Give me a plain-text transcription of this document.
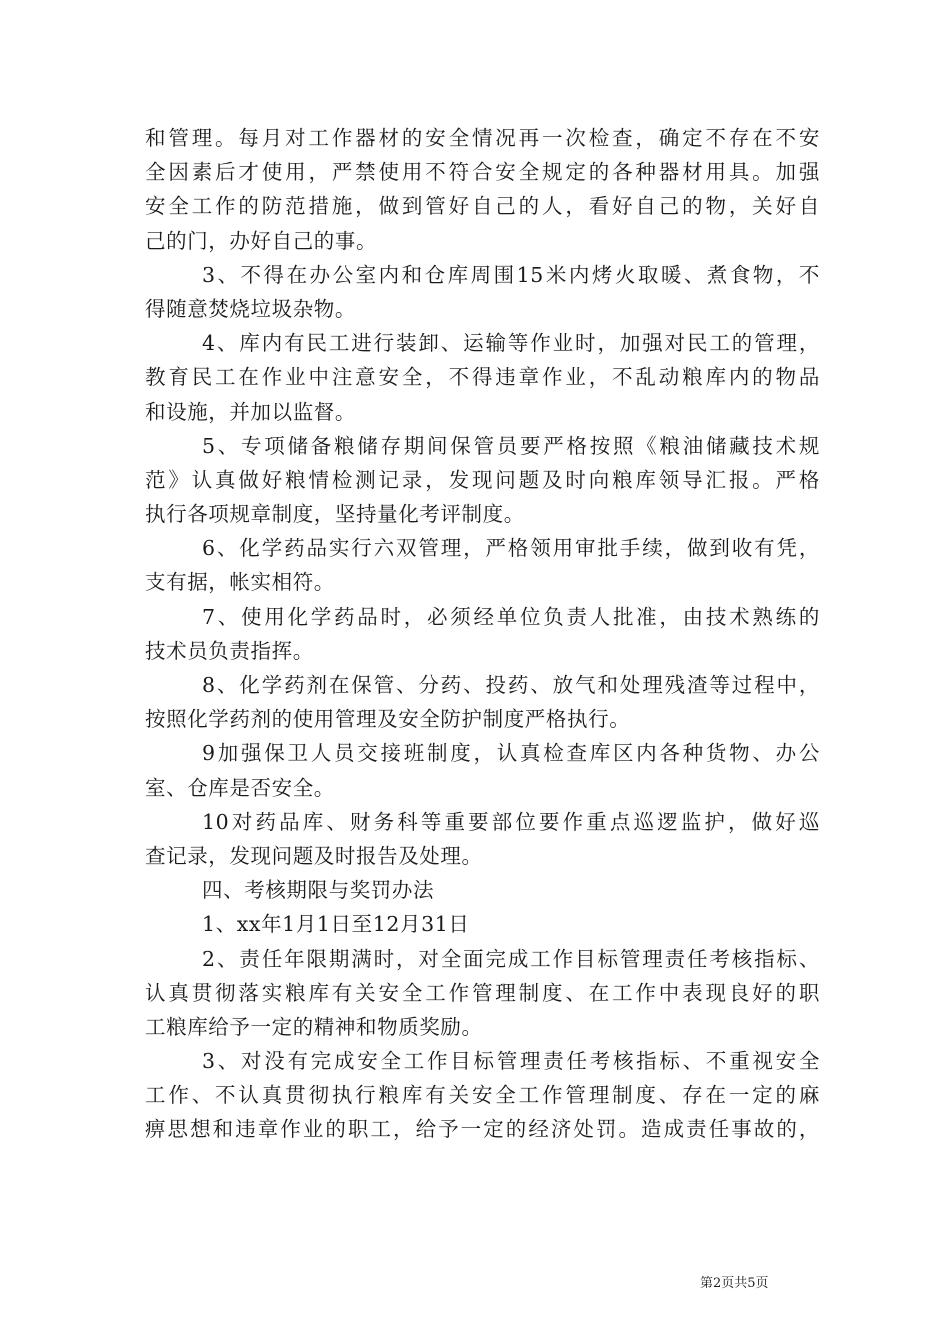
和管理。每月对工作器材的安全情况再一次检查，确定不存在不安
全因素后才使用，严禁使用不符合安全规定的各种器材用具。加强
安全工作的防范措施，做到管好自己的人，看好自己的物，关好自
己的门，办好自己的事。
3、不得在办公室内和仓库周围15米内烤火取暖、煮食物，不
得随意焚烧垃圾杂物。
4、库内有民工进行装卸、运输等作业时，加强对民工的管理，
教育民工在作业中注意安全，不得违章作业，不乱动粮库内的物品
和设施，并加以监督。
5、专项储备粮储存期间保管员要严格按照《粮油储藏技术规
范》认真做好粮情检测记录，发现问题及时向粮库领导汇报。严格
执行各项规章制度，坚持量化考评制度。
6、化学药品实行六双管理，严格领用审批手续，做到收有凭，
支有据，帐实相符。
7、使用化学药品时，必须经单位负责人批准，由技术熟练的
技术员负责指挥。
8、化学药剂在保管、分药、投药、放气和处理残渣等过程中，
按照化学药剂的使用管理及安全防护制度严格执行。
9加强保卫人员交接班制度，认真检查库区内各种货物、办公
室、仓库是否安全。
10对药品库、财务科等重要部位要作重点巡逻监护，做好巡
查记录，发现问题及时报告及处理。
四、考核期限与奖罚办法
1、xx年1月1日至12月31日
2、责任年限期满时，对全面完成工作目标管理责任考核指标、
认真贯彻落实粮库有关安全工作管理制度、在工作中表现良好的职
工粮库给予一定的精神和物质奖励。
3、对没有完成安全工作目标管理责任考核指标、不重视安全
工作、不认真贯彻执行粮库有关安全工作管理制度、存在一定的麻
痹思想和违章作业的职工，给予一定的经济处罚。造成责任事故的，
第2页共5页
